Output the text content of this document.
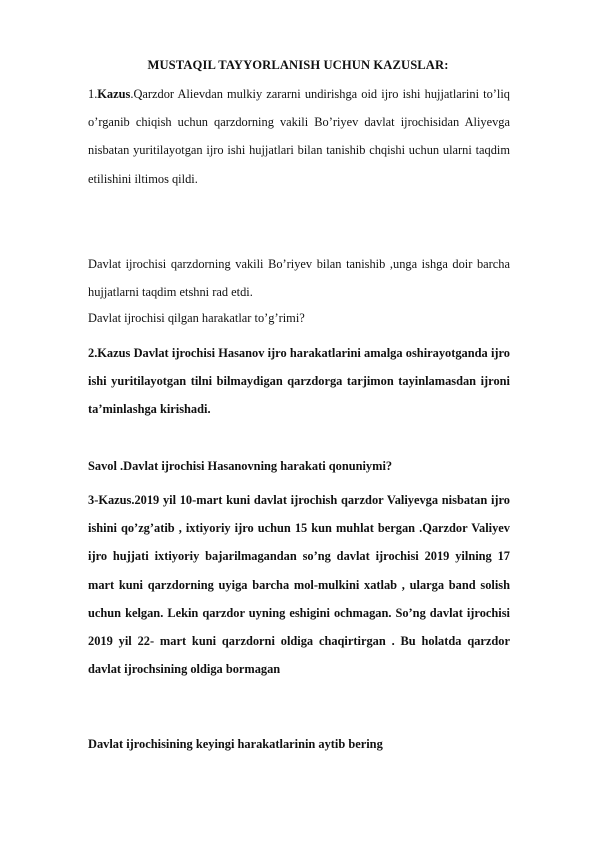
MUSTAQIL TAYYORLANISH UCHUN KAZUSLAR:

1.Kazus.Qarzdor Alievdan mulkiy zararni undirishga oid ijro ishi hujjatlarini to’liq o’rganib chiqish uchun qarzdorning vakili Bo’riyev davlat ijrochisidan Aliyevga nisbatan yuritilayotgan ijro ishi hujjatlari bilan tanishib chqishi uchun ularni taqdim etilishini iltimos qildi.

Davlat ijrochisi qarzdorning vakili Bo’riyev bilan tanishib ,unga ishga doir barcha hujjatlarni taqdim etshni rad etdi.

Davlat ijrochisi qilgan harakatlar to’g’rimi?

2.Kazus Davlat ijrochisi Hasanov ijro harakatlarini amalga oshirayotganda ijro ishi yuritilayotgan tilni bilmaydigan qarzdorga tarjimon tayinlamasdan ijroni ta’minlashga kirishadi.

Savol .Davlat ijrochisi Hasanovning harakati qonuniymi?

3-Kazus.2019 yil 10-mart kuni davlat ijrochish qarzdor Valiyevga nisbatan ijro ishini qo’zg’atib , ixtiyoriy ijro uchun 15 kun muhlat bergan .Qarzdor Valiyev ijro hujjati ixtiyoriy bajarilmagandan so’ng davlat ijrochisi 2019 yilning 17 mart kuni qarzdorning uyiga barcha mol-mulkini xatlab , ularga band solish uchun kelgan. Lekin qarzdor uyning eshigini ochmagan. So’ng davlat ijrochisi 2019 yil 22- mart kuni qarzdorni oldiga chaqirtirgan . Bu holatda qarzdor davlat ijrochsining oldiga bormagan

Davlat ijrochisining keyingi harakatlarinin aytib bering
